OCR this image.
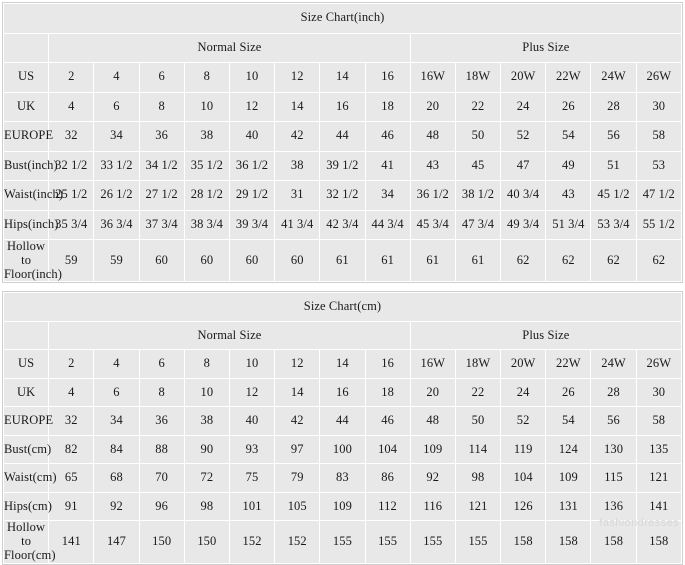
Size Chart(inch)														
	Normal Size								Plus Size					
US	2	4	6	8	10	12	14	16	16W	18W	20W	22W	24W	26W
UK	4	6	8	10	12	14	16	18	20	22	24	26	28	30
EUROPE	32	34	36	38	40	42	44	46	48	50	52	54	56	58
Bust(inch)	32 1/2	33 1/2	34 1/2	35 1/2	36 1/2	38	39 1/2	41	43	45	47	49	51	53
Waist(inch)	25 1/2	26 1/2	27 1/2	28 1/2	29 1/2	31	32 1/2	34	36 1/2	38 1/2	40 3/4	43	45 1/2	47 1/2
Hips(inch)	35 3/4	36 3/4	37 3/4	38 3/4	39 3/4	41 3/4	42 3/4	44 3/4	45 3/4	47 3/4	49 3/4	51 3/4	53 3/4	55 1/2
Hollow to Floor(inch)	59	59	60	60	60	60	61	61	61	61	62	62	62	62
Size Chart(cm)														
	Normal Size								Plus Size					
US	2	4	6	8	10	12	14	16	16W	18W	20W	22W	24W	26W
UK	4	6	8	10	12	14	16	18	20	22	24	26	28	30
EUROPE	32	34	36	38	40	42	44	46	48	50	52	54	56	58
Bust(cm)	82	84	88	90	93	97	100	104	109	114	119	124	130	135
Waist(cm)	65	68	70	72	75	79	83	86	92	98	104	109	115	121
Hips(cm)	91	92	96	98	101	105	109	112	116	121	126	131	136	141
Hollow to Floor(cm)	141	147	150	150	152	152	155	155	155	155	158	158	158	158
fashiondresses
